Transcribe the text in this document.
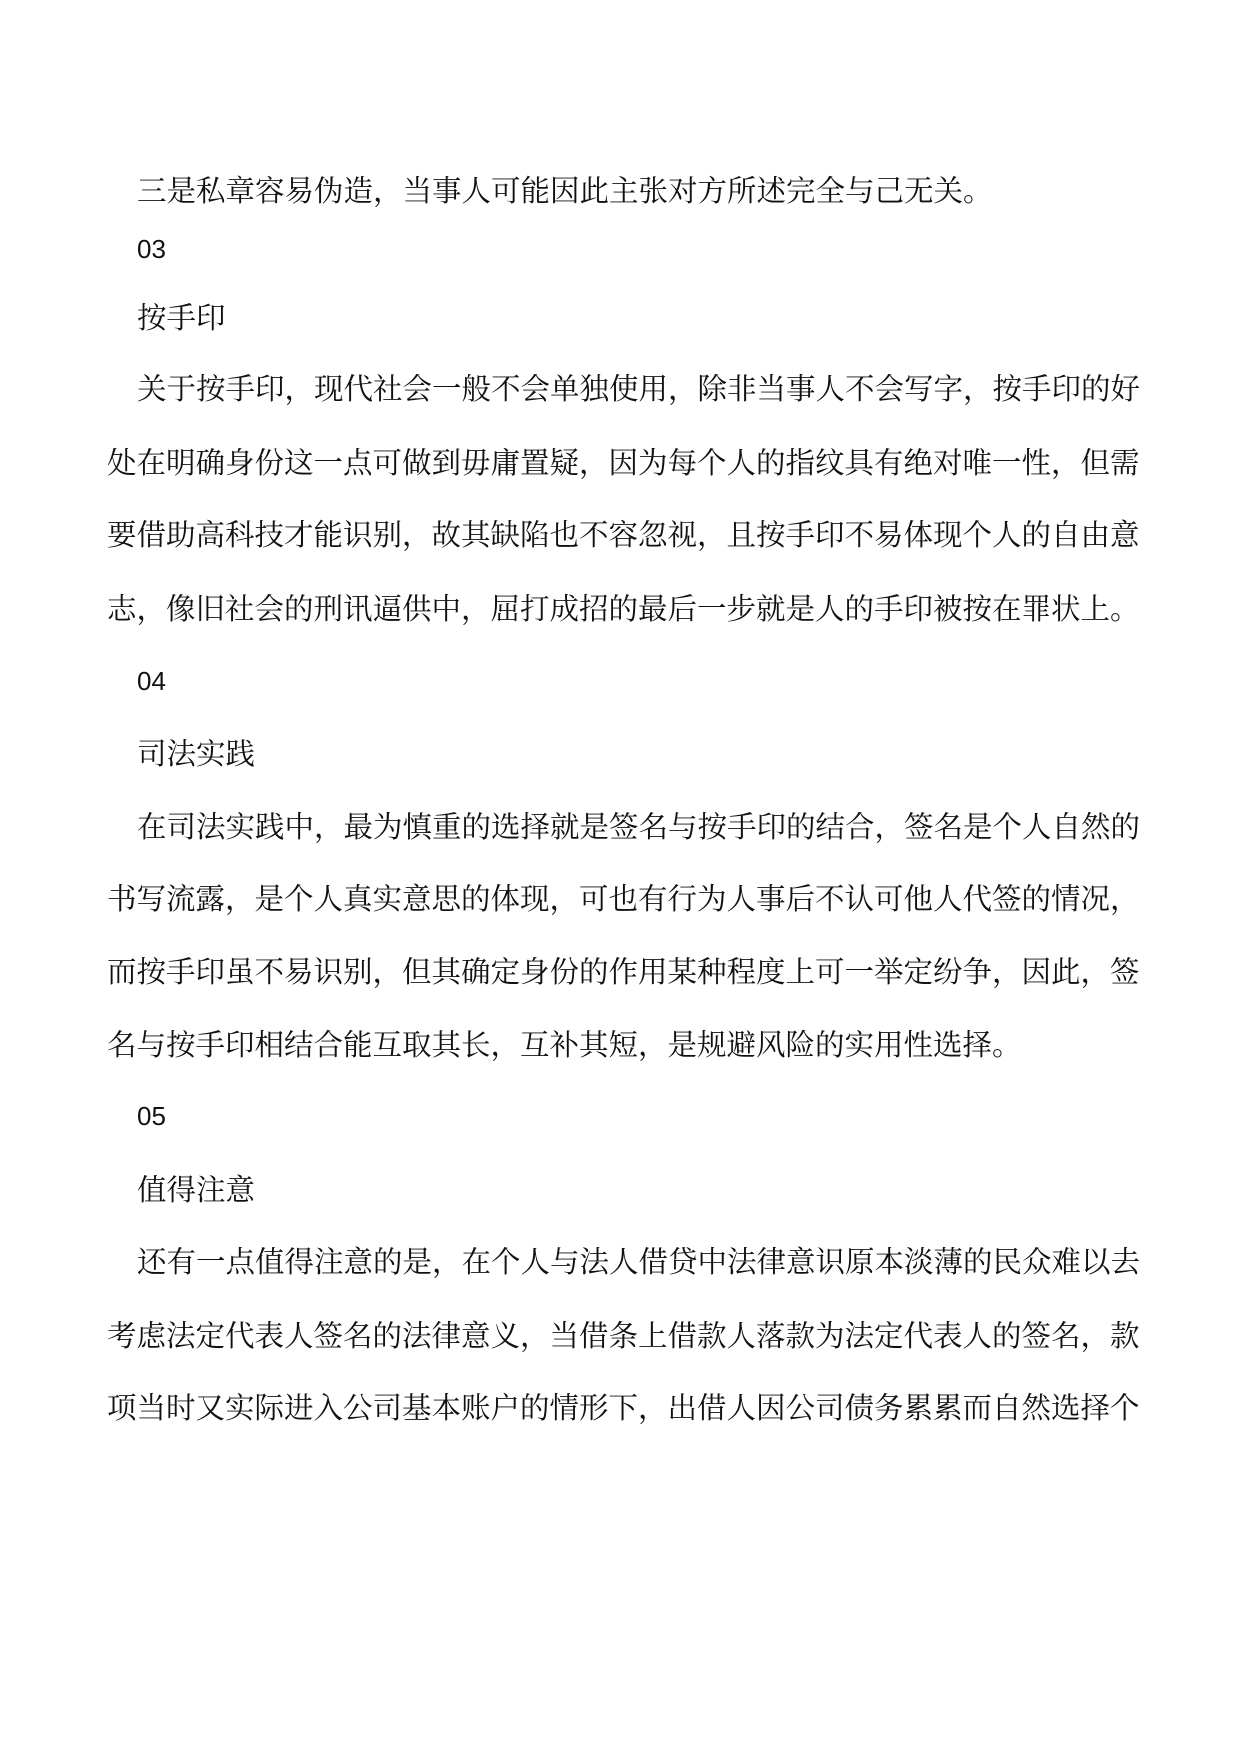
三是私章容易伪造，当事人可能因此主张对方所述完全与己无关。
03
按手印
关于按手印，现代社会一般不会单独使用，除非当事人不会写字，按手印的好
处在明确身份这一点可做到毋庸置疑，因为每个人的指纹具有绝对唯一性，但需
要借助高科技才能识别，故其缺陷也不容忽视，且按手印不易体现个人的自由意
志，像旧社会的刑讯逼供中，屈打成招的最后一步就是人的手印被按在罪状上。
04
司法实践
在司法实践中，最为慎重的选择就是签名与按手印的结合，签名是个人自然的
书写流露，是个人真实意思的体现，可也有行为人事后不认可他人代签的情况，
而按手印虽不易识别，但其确定身份的作用某种程度上可一举定纷争，因此，签
名与按手印相结合能互取其长，互补其短，是规避风险的实用性选择。
05
值得注意
还有一点值得注意的是，在个人与法人借贷中法律意识原本淡薄的民众难以去
考虑法定代表人签名的法律意义，当借条上借款人落款为法定代表人的签名，款
项当时又实际进入公司基本账户的情形下，出借人因公司债务累累而自然选择个
